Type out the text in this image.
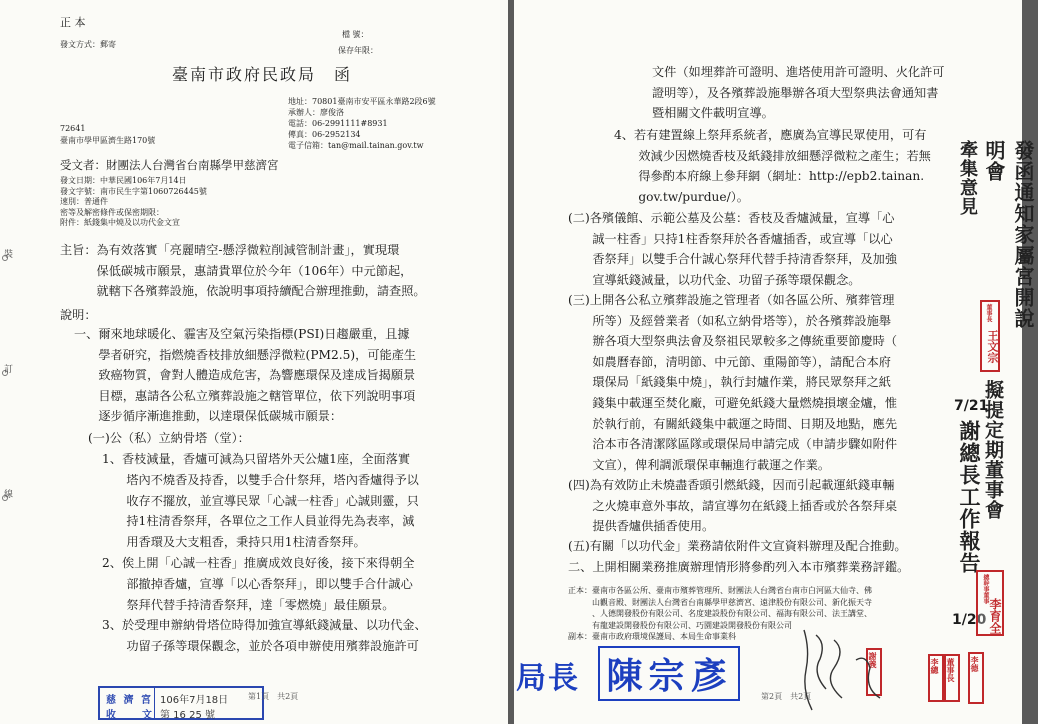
裝
訂
線
正 本
發文方式：郵寄
檔 號：
保存年限：
臺南市政府民政局　函
地址：70801臺南市安平區永華路2段6號
承辦人：廖俊洛
電話：06-2991111#8931
傳真：06-2952134
電子信箱：tan@mail.tainan.gov.tw
72641
臺南市學甲區濟生路170號
受文者：財團法人台灣省台南縣學甲慈濟宮
發文日期：中華民國106年7月14日
發文字號：南市民生字第1060726445號
速別：普通件
密等及解密條件或保密期限：
附件：紙錢集中燒及以功代金文宣
主旨：為有效落實「亮麗晴空-懸浮微粒削減管制計畫」，實現環
　　　保低碳城市願景，惠請貴單位於今年（106年）中元節起，
　　　就轄下各殯葬設施，依說明事項持續配合辦理推動，請查照。
說明：
一、爾來地球暖化、霾害及空氣污染指標(PSI)日趨嚴重，且據
　　學者研究，指燃燒香枝排放細懸浮微粒(PM2.5)，可能產生
　　致癌物質，會對人體造成危害，為響應環保及達成旨揭願景
　　目標，惠請各公私立殯葬設施之轄管單位，依下列說明事項
　　逐步循序漸進推動，以達環保低碳城市願景：
(一)公（私）立納骨塔（堂）：
1、香枝減量，香爐可減為只留塔外天公爐1座，全面落實
　　塔內不燒香及持香，以雙手合什祭拜，塔內香爐得予以
　　收存不擺放，並宣導民眾「心誠一柱香」心誠則靈，只
　　持1柱清香祭拜，各單位之工作人員並得先為表率，減
　　用香環及大支粗香，秉持只用1柱清香祭拜。
2、俟上開「心誠一柱香」推廣成效良好後，接下來得朝全
　　部撤掉香爐，宣導「以心香祭拜」，即以雙手合什誠心
　　祭拜代替手持清香祭拜，達「零燃燒」最佳願景。
3、於受理申辦納骨塔位時得加強宣導紙錢減量、以功代金、
　　功留子孫等環保觀念，並於各項申辦使用殯葬設施許可
慈 濟 宮
收　　文
106年7月18日
第 16 25 號
第1頁　共2頁
文件（如埋葬許可證明、進塔使用許可證明、火化許可
證明等），及各殯葬設施舉辦各項大型祭典法會通知書
暨相關文件載明宣導。
4、若有建置線上祭拜系統者，應廣為宣導民眾使用，可有
　　效減少因燃燒香枝及紙錢排放細懸浮微粒之產生；若無
　　得參酌本府線上參拜網（網址：http://epb2.tainan.
　　gov.tw/purdue/）。
(二)各殯儀館、示範公墓及公墓：香枝及香爐減量，宣導「心
　　誠一柱香」只持1柱香祭拜於各香爐插香，或宣導「以心
　　香祭拜」以雙手合什誠心祭拜代替手持清香祭拜，及加強
　　宣導紙錢減量，以功代金、功留子孫等環保觀念。
(三)上開各公私立殯葬設施之管理者（如各區公所、殯葬管理
　　所等）及經營業者（如私立納骨塔等），於各殯葬設施舉
　　辦各項大型祭典法會及祭祖民眾較多之傳統重要節慶時（
　　如農曆春節，清明節、中元節、重陽節等），請配合本府
　　環保局「紙錢集中燒」，執行封爐作業，將民眾祭拜之紙
　　錢集中載運至焚化廠，可避免紙錢大量燃燒損壞金爐，惟
　　於執行前，有關紙錢集中載運之時間、日期及地點，應先
　　洽本市各清潔隊區隊或環保局申請完成（申請步驟如附件
　　文宣），俾利調派環保車輛進行載運之作業。
(四)為有效防止未燒盡香頭引燃紙錢，因而引起載運紙錢車輛
　　之火燒車意外事故，請宣導勿在紙錢上插香或於各祭拜桌
　　提供香爐供插香使用。
(五)有關「以功代金」業務請依附件文宣資料辦理及配合推動。
二、上開相關業務推廣辦理情形將參酌列入本市殯葬業務評鑑。
正本：臺南市各區公所、臺南市殯葬管理所、財團法人台灣省台南市白河區大仙寺、佛
　　　山觀音殿、財團法人台灣省台南縣學甲慈濟宮、遠津股份有限公司、新化振天寺
　　　、人德開發股份有限公司、名度建設股份有限公司、福海有限公司、法王講堂、
　　　有龍建設開發股份有限公司、巧園建設開發股份有限公司
副本：臺南市政府環境保護局、本局生命事業科
局長 陳宗彥	第2頁　共2頁
發函通知家屬宮開說明會
牽集意見
謝總長工作報告 擬提定期董事會
7/21
1/20
董事長
王文宗
總幹事董事
李育全
謝義	李總 董事長	李德
